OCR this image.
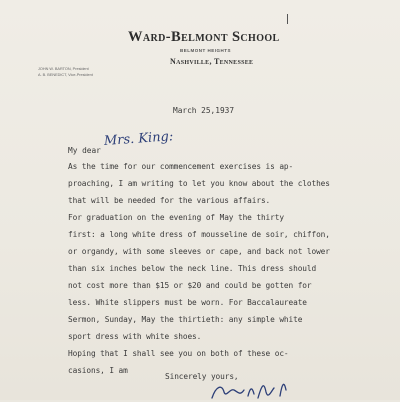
Ward-Belmont School
BELMONT HEIGHTS
Nashville, Tennessee
JOHN W. BARTON, President
A. B. BENEDICT, Vice-President
March 25,1937
My dear
Mrs. King:
As the time for our commencement exercises is ap-
proaching, I am writing to let you know about the clothes
that will be needed for the various affairs.
For graduation on the evening of May the thirty
first: a long white dress of mousseline de soir, chiffon,
or organdy, with some sleeves or cape, and back not lower
than six inches below the neck line. This dress should
not cost more than $15 or $20 and could be gotten for
less. White slippers must be worn. For Baccalaureate
Sermon, Sunday, May the thirtieth: any simple white
sport dress with white shoes.
Hoping that I shall see you on both of these oc-
casions, I am
Sincerely yours,
